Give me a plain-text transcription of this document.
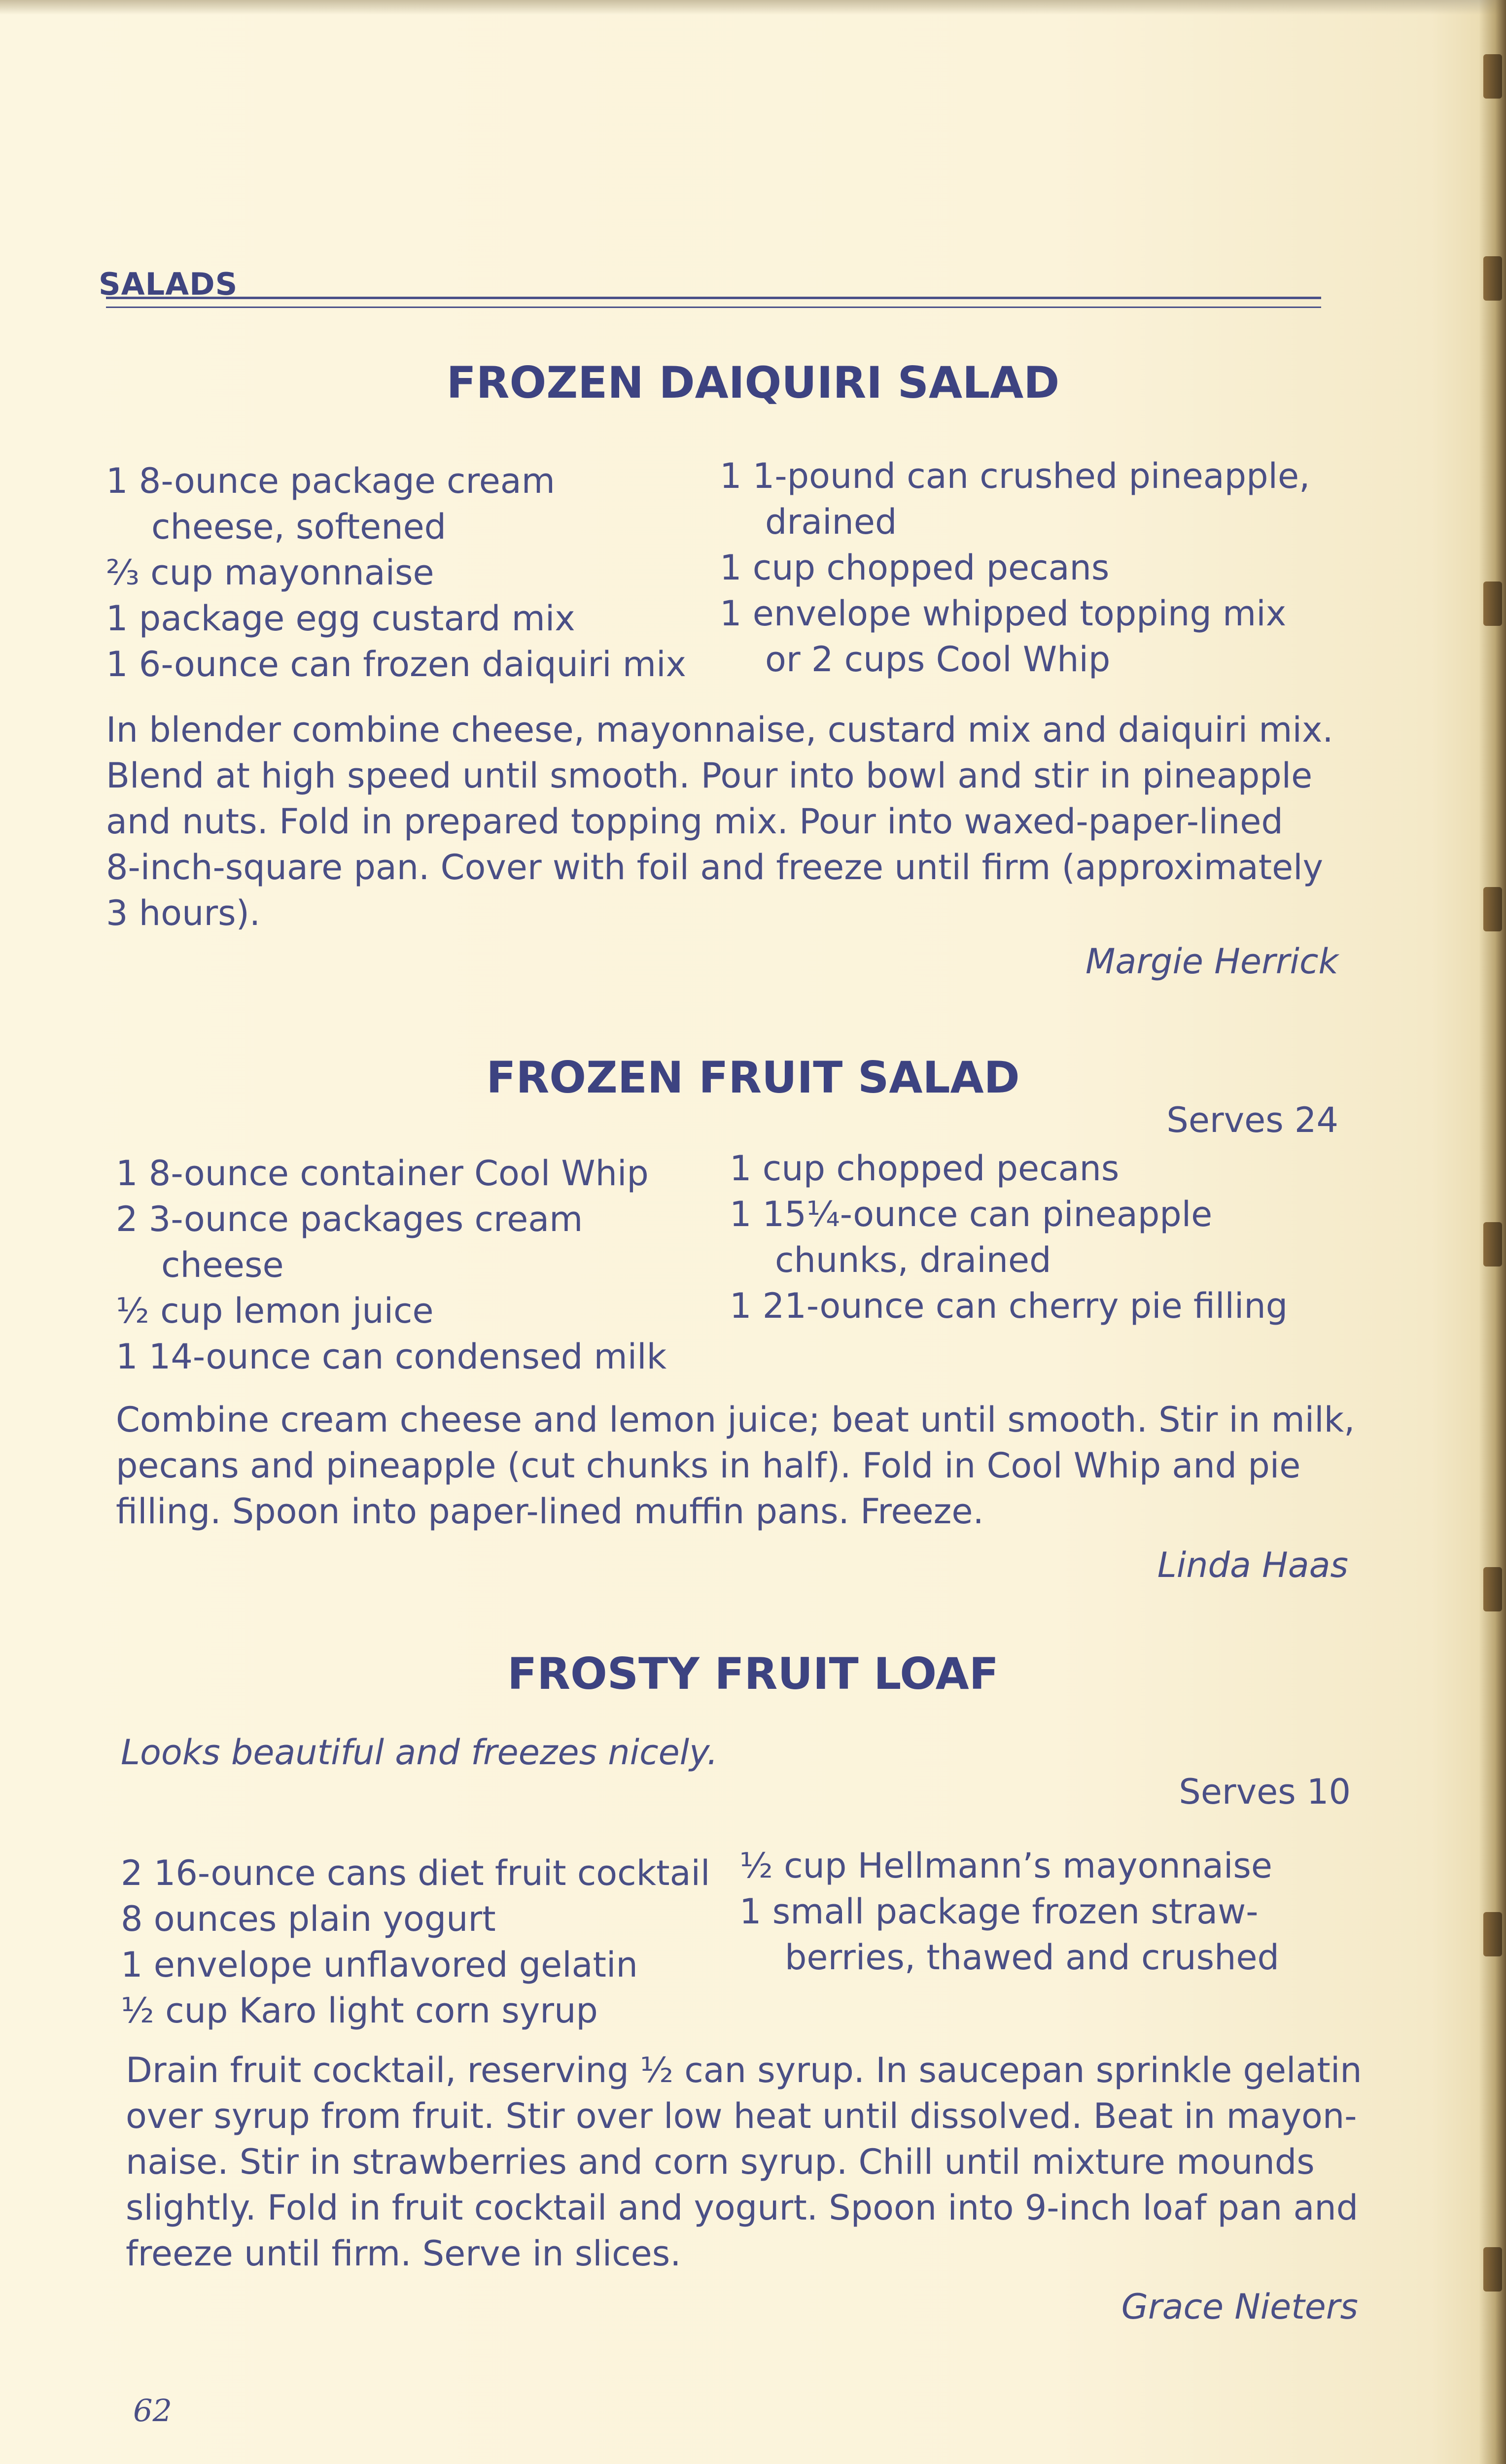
SALADS
FROZEN DAIQUIRI SALAD
1 8-ounce package cream
cheese, softened
⅔ cup mayonnaise
1 package egg custard mix
1 6-ounce can frozen daiquiri mix
1 1-pound can crushed pineapple,
drained
1 cup chopped pecans
1 envelope whipped topping mix
or 2 cups Cool Whip
In blender combine cheese, mayonnaise, custard mix and daiquiri mix.
Blend at high speed until smooth. Pour into bowl and stir in pineapple
and nuts. Fold in prepared topping mix. Pour into waxed-paper-lined
8-inch-square pan. Cover with foil and freeze until firm (approximately
3 hours).
Margie Herrick
FROZEN FRUIT SALAD
Serves 24
1 8-ounce container Cool Whip
2 3-ounce packages cream
cheese
½ cup lemon juice
1 14-ounce can condensed milk
1 cup chopped pecans
1 15¼-ounce can pineapple
chunks, drained
1 21-ounce can cherry pie filling
Combine cream cheese and lemon juice; beat until smooth. Stir in milk,
pecans and pineapple (cut chunks in half). Fold in Cool Whip and pie
filling. Spoon into paper-lined muffin pans. Freeze.
Linda Haas
FROSTY FRUIT LOAF
Looks beautiful and freezes nicely.
Serves 10
2 16-ounce cans diet fruit cocktail
8 ounces plain yogurt
1 envelope unflavored gelatin
½ cup Karo light corn syrup
½ cup Hellmann’s mayonnaise
1 small package frozen straw-
berries, thawed and crushed
Drain fruit cocktail, reserving ½ can syrup. In saucepan sprinkle gelatin
over syrup from fruit. Stir over low heat until dissolved. Beat in mayon-
naise. Stir in strawberries and corn syrup. Chill until mixture mounds
slightly. Fold in fruit cocktail and yogurt. Spoon into 9-inch loaf pan and
freeze until firm. Serve in slices.
Grace Nieters
62
